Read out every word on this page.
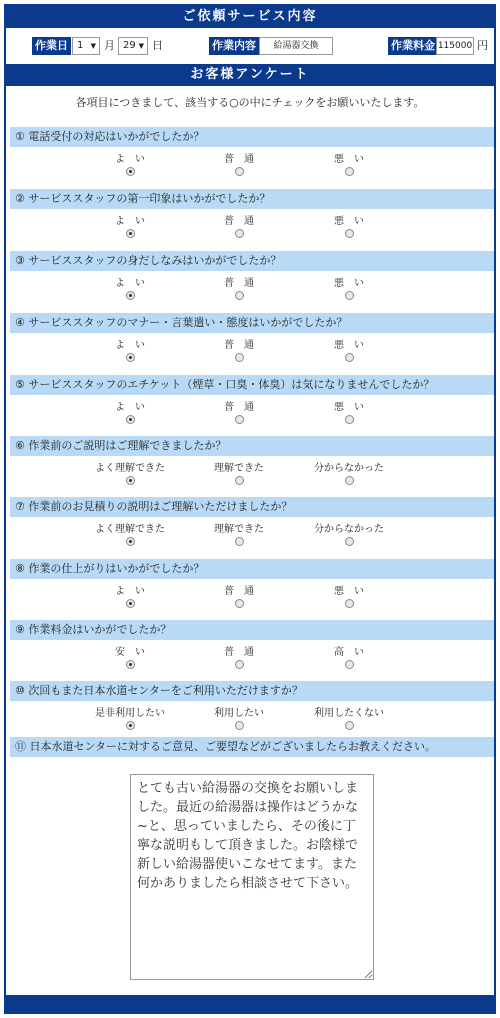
ご依頼サービス内容
作業日 1 ▼ 月 29 ▼ 日	作業内容	給湯器交換	作業料金 115000 円
お客様アンケート
各項目につきまして、該当する○の中にチェックをお願いいたします。
① 電話受付の対応はいかがでしたか？
よ　い	普　通	悪　い
② サービススタッフの第一印象はいかがでしたか？
よ　い	普　通	悪　い
③ サービススタッフの身だしなみはいかがでしたか？
よ　い	普　通	悪　い
④ サービススタッフのマナー・言葉遣い・態度はいかがでしたか？
よ　い	普　通	悪　い
⑤ サービススタッフのエチケット（煙草・口臭・体臭）は気になりませんでしたか？
よ　い	普　通	悪　い
⑥ 作業前のご説明はご理解できましたか？
よく理解できた	理解できた	分からなかった
⑦ 作業前のお見積りの説明はご理解いただけましたか？
よく理解できた	理解できた	分からなかった
⑧ 作業の仕上がりはいかがでしたか？
よ　い	普　通	悪　い
⑨ 作業料金はいかがでしたか？
安　い	普　通	高　い
⑩ 次回もまた日本水道センターをご利用いただけますか？
是非利用したい	利用したい	利用したくない
⑪ 日本水道センターに対するご意見、ご要望などがございましたらお教えください。
とても古い給湯器の交換をお願いしました。最近の給湯器は操作はどうかな~と、思っていましたら、その後に丁寧な説明もして頂きました。お陰様で新しい給湯器使いこなせてます。また何かありましたら相談させて下さい。
